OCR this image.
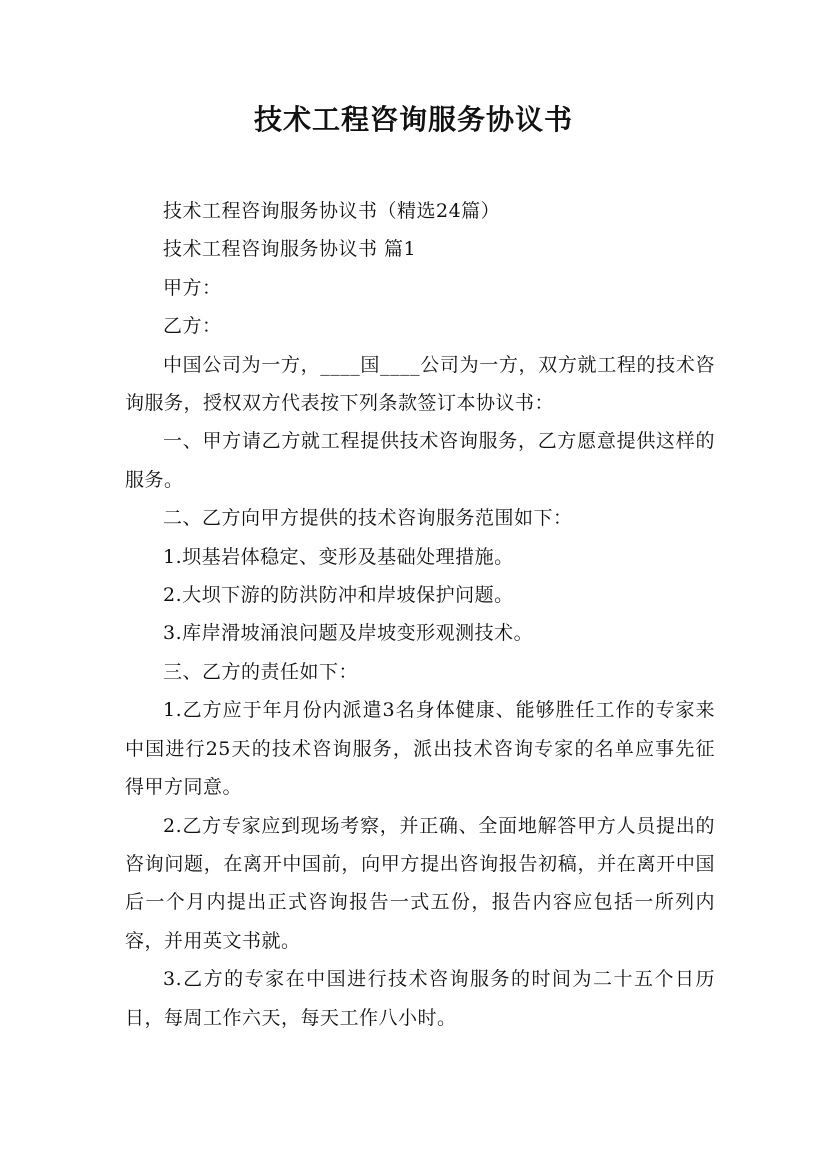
技术工程咨询服务协议书

技术工程咨询服务协议书（精选24篇）

技术工程咨询服务协议书 篇1

甲方：

乙方：

中国公司为一方，____国____公司为一方，双方就工程的技术咨询服务，授权双方代表按下列条款签订本协议书：

一、甲方请乙方就工程提供技术咨询服务，乙方愿意提供这样的服务。

二、乙方向甲方提供的技术咨询服务范围如下：

1.坝基岩体稳定、变形及基础处理措施。

2.大坝下游的防洪防冲和岸坡保护问题。

3.库岸滑坡涌浪问题及岸坡变形观测技术。

三、乙方的责任如下：

1.乙方应于年月份内派遣3名身体健康、能够胜任工作的专家来中国进行25天的技术咨询服务，派出技术咨询专家的名单应事先征得甲方同意。

2.乙方专家应到现场考察，并正确、全面地解答甲方人员提出的咨询问题，在离开中国前，向甲方提出咨询报告初稿，并在离开中国后一个月内提出正式咨询报告一式五份，报告内容应包括一所列内容，并用英文书就。

3.乙方的专家在中国进行技术咨询服务的时间为二十五个日历日，每周工作六天，每天工作八小时。
